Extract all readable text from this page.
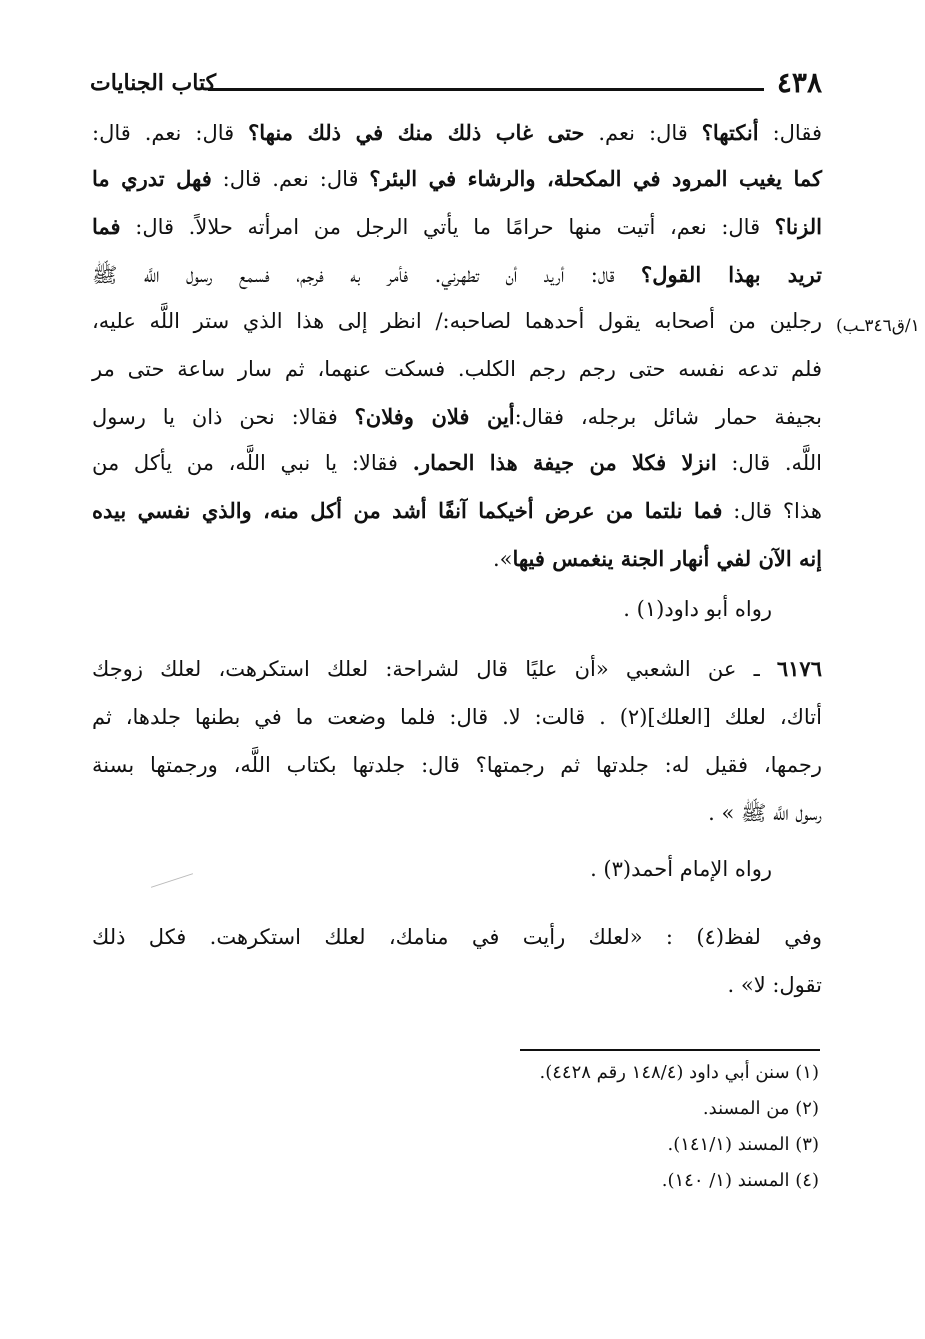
٤٣٨
كتاب الجنايات
١/ق٣٤٦ـب)
فقال: أنكتها؟ قال: نعم. حتى غاب ذلك منك في ذلك منها؟ قال: نعم. قال:
كما يغيب المرود في المكحلة، والرشاء في البئر؟ قال: نعم. قال: فهل تدري ما
الزنا؟ قال: نعم، أتيت منها حرامًا ما يأتي الرجل من امرأته حلالاً. قال: فما
تريد بهذا القول؟ قال: أريد أن تطهرني. فأمر به فرجم، فسمع رسول اللَّه ﷺ
رجلين من أصحابه يقول أحدهما لصاحبه:/ انظر إلى هذا الذي ستر اللَّه عليه،
فلم تدعه نفسه حتى رجم رجم الكلب. فسكت عنهما، ثم سار ساعة حتى مر
بجيفة حمار شائل برجله، فقال:أين فلان وفلان؟ فقالا: نحن ذان يا رسول
اللَّه. قال: انزلا فكلا من جيفة هذا الحمار. فقالا: يا نبي اللَّه، من يأكل من
هذا؟ قال: فما نلتما من عرض أخيكما آنفًا أشد من أكل منه، والذي نفسي بيده
إنه الآن لفي أنهار الجنة ينغمس فيها».
رواه أبو داود(١) .
٦١٧٦ ـ عن الشعبي «أن عليًا قال لشراحة: لعلك استكرهت، لعلك زوجك
أتاك، لعلك [العلك](٢) . قالت: لا. قال: فلما وضعت ما في بطنها جلدها، ثم
رجمها، فقيل له: جلدتها ثم رجمتها؟ قال: جلدتها بكتاب اللَّه، ورجمتها بسنة
رسول اللَّه ﷺ » .
رواه الإمام أحمد(٣) .
وفي لفظ(٤) : «لعلك رأيت في منامك، لعلك استكرهت. فكل ذلك
تقول: لا» .
(١) سنن أبي داود (١٤٨/٤ رقم ٤٤٢٨).
(٢) من المسند.
(٣) المسند (١٤١/١).
(٤) المسند (١/ ١٤٠).
